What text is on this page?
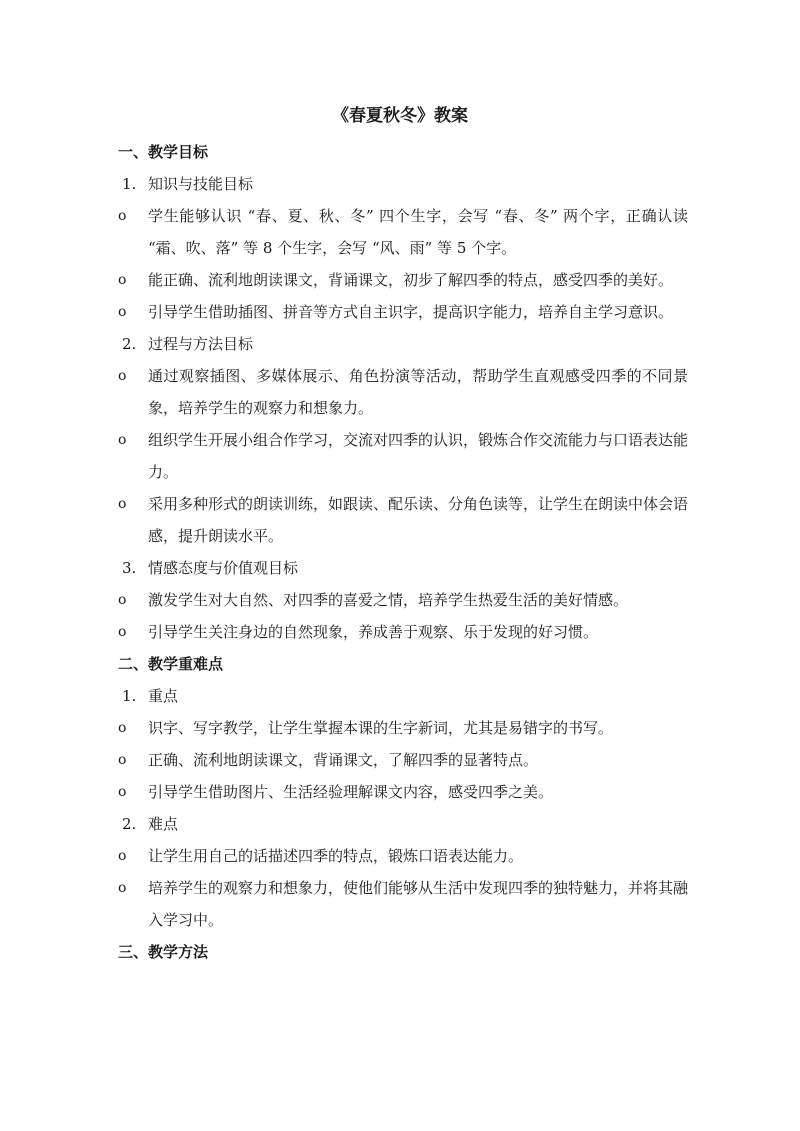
《春夏秋冬》教案
一、教学目标
1. 知识与技能目标
o 学生能够认识 “春、夏、秋、冬” 四个生字，会写 “春、冬” 两个字，正确认读 “霜、吹、落” 等 8 个生字，会写 “风、雨” 等 5 个字。
o 能正确、流利地朗读课文，背诵课文，初步了解四季的特点，感受四季的美好。
o 引导学生借助插图、拼音等方式自主识字，提高识字能力，培养自主学习意识。
2. 过程与方法目标
o 通过观察插图、多媒体展示、角色扮演等活动，帮助学生直观感受四季的不同景象，培养学生的观察力和想象力。
o 组织学生开展小组合作学习，交流对四季的认识，锻炼合作交流能力与口语表达能力。
o 采用多种形式的朗读训练，如跟读、配乐读、分角色读等，让学生在朗读中体会语感，提升朗读水平。
3. 情感态度与价值观目标
o 激发学生对大自然、对四季的喜爱之情，培养学生热爱生活的美好情感。
o 引导学生关注身边的自然现象，养成善于观察、乐于发现的好习惯。
二、教学重难点
1. 重点
o 识字、写字教学，让学生掌握本课的生字新词，尤其是易错字的书写。
o 正确、流利地朗读课文，背诵课文，了解四季的显著特点。
o 引导学生借助图片、生活经验理解课文内容，感受四季之美。
2. 难点
o 让学生用自己的话描述四季的特点，锻炼口语表达能力。
o 培养学生的观察力和想象力，使他们能够从生活中发现四季的独特魅力，并将其融入学习中。
三、教学方法
